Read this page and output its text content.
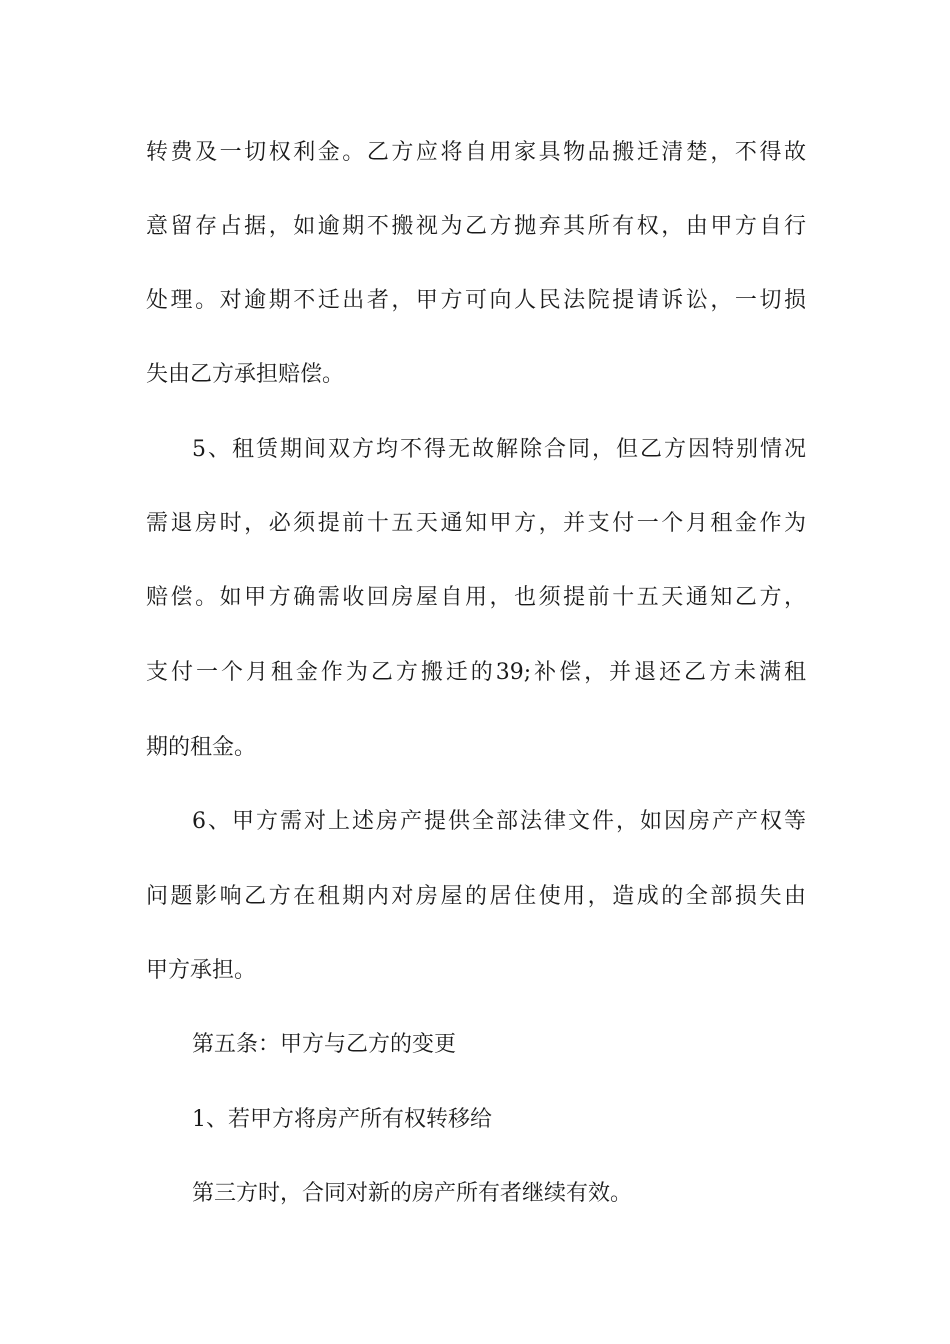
转费及一切权利金。乙方应将自用家具物品搬迁清楚，不得故
意留存占据，如逾期不搬视为乙方抛弃其所有权，由甲方自行
处理。对逾期不迁出者，甲方可向人民法院提请诉讼，一切损
失由乙方承担赔偿。
5、租赁期间双方均不得无故解除合同，但乙方因特别情况
需退房时，必须提前十五天通知甲方，并支付一个月租金作为
赔偿。如甲方确需收回房屋自用，也须提前十五天通知乙方，
支付一个月租金作为乙方搬迁的39;补偿，并退还乙方未满租
期的租金。
6、甲方需对上述房产提供全部法律文件，如因房产产权等
问题影响乙方在租期内对房屋的居住使用，造成的全部损失由
甲方承担。
第五条：甲方与乙方的变更
1、若甲方将房产所有权转移给
第三方时，合同对新的房产所有者继续有效。
